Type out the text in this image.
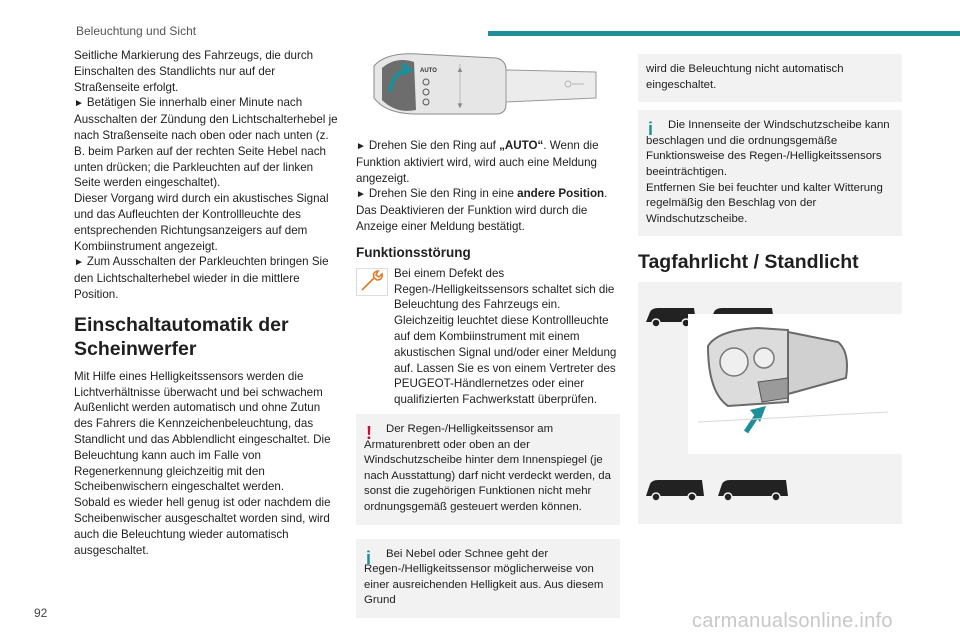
Beleuchtung und Sicht

Seitliche Markierung des Fahrzeugs, die durch Einschalten des Standlichts nur auf der Straßenseite erfolgt.

► Betätigen Sie innerhalb einer Minute nach Ausschalten der Zündung den Lichtschalterhebel je nach Straßenseite nach oben oder nach unten (z. B. beim Parken auf der rechten Seite Hebel nach unten drücken; die Parkleuchten auf der linken Seite werden eingeschaltet).

Dieser Vorgang wird durch ein akustisches Signal und das Aufleuchten der Kontrollleuchte des entsprechenden Richtungsanzeigers auf dem Kombiinstrument angezeigt.

► Zum Ausschalten der Parkleuchten bringen Sie den Lichtschalterhebel wieder in die mittlere Position.

Einschaltautomatik der Scheinwerfer

Mit Hilfe eines Helligkeitssensors werden die Lichtverhältnisse überwacht und bei schwachem Außenlicht werden automatisch und ohne Zutun des Fahrers die Kennzeichenbeleuchtung, das Standlicht und das Abblendlicht eingeschaltet. Die Beleuchtung kann auch im Falle von Regenerkennung gleichzeitig mit den Scheibenwischern eingeschaltet werden.

Sobald es wieder hell genug ist oder nachdem die Scheibenwischer ausgeschaltet worden sind, wird auch die Beleuchtung wieder automatisch ausgeschaltet.

AUTO ▲
▼

► Drehen Sie den Ring auf „AUTO“. Wenn die Funktion aktiviert wird, wird auch eine Meldung angezeigt.

► Drehen Sie den Ring in eine andere Position. Das Deaktivieren der Funktion wird durch die Anzeige einer Meldung bestätigt.

Funktionsstörung

Bei einem Defekt des Regen-/Helligkeitssensors schaltet sich die Beleuchtung des Fahrzeugs ein. Gleichzeitig leuchtet diese Kontrollleuchte auf dem Kombiinstrument mit einem akustischen Signal und/oder einer Meldung auf. Lassen Sie es von einem Vertreter des PEUGEOT-Händlernetzes oder einer qualifizierten Fachwerkstatt überprüfen.

!	Der Regen-/Helligkeitssensor am Armaturenbrett oder oben an der Windschutzscheibe hinter dem Innenspiegel (je nach Ausstattung) darf nicht verdeckt werden, da sonst die zugehörigen Funktionen nicht mehr ordnungsgemäß gesteuert werden können.

i	Bei Nebel oder Schnee geht der Regen-/Helligkeitssensor möglicherweise von einer ausreichenden Helligkeit aus. Aus diesem Grund

wird die Beleuchtung nicht automatisch eingeschaltet.

i	Die Innenseite der Windschutzscheibe kann beschlagen und die ordnungsgemäße Funktionsweise des Regen-/Helligkeitssensors beeinträchtigen.

Entfernen Sie bei feuchter und kalter Witterung regelmäßig den Beschlag von der Windschutzscheibe.

Tagfahrlicht / Standlicht
92	carmanualsonline.info
